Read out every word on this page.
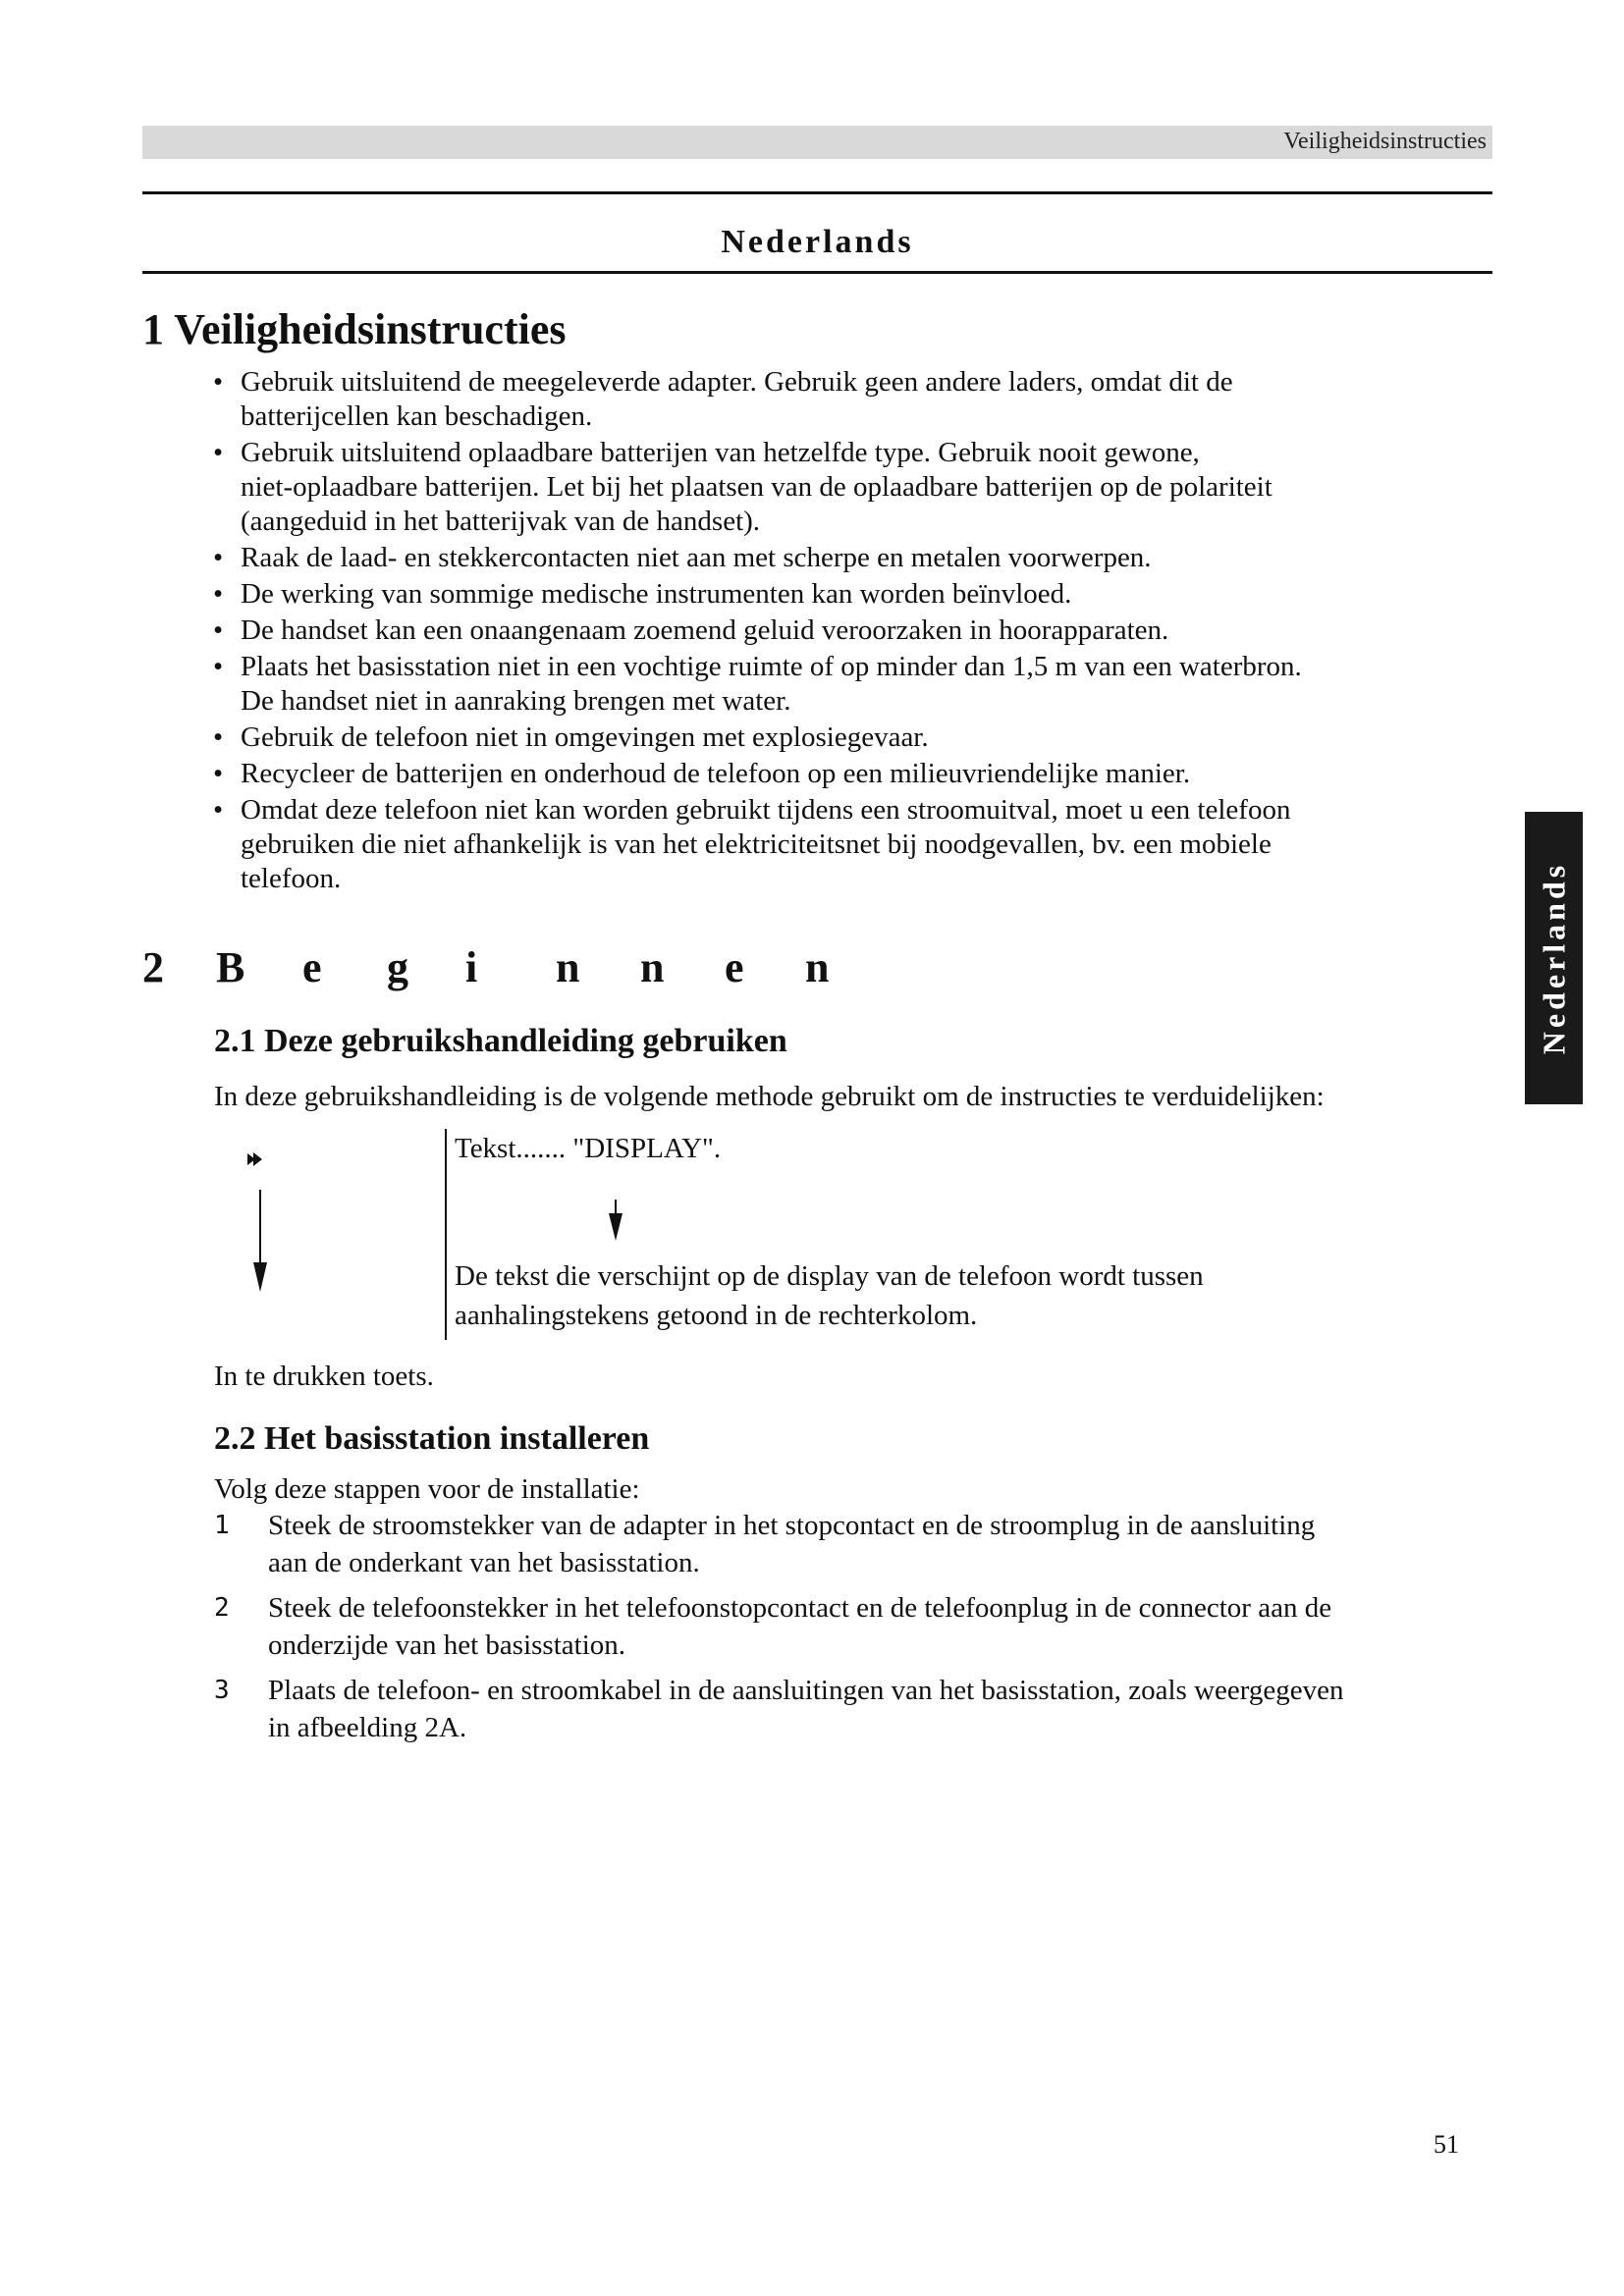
Veiligheidsinstructies
Nederlands
1 Veiligheidsinstructies
• Gebruik uitsluitend de meegeleverde adapter. Gebruik geen andere laders, omdat dit de
batterijcellen kan beschadigen.
• Gebruik uitsluitend oplaadbare batterijen van hetzelfde type. Gebruik nooit gewone,
niet-oplaadbare batterijen. Let bij het plaatsen van de oplaadbare batterijen op de polariteit
(aangeduid in het batterijvak van de handset).
• Raak de laad- en stekkercontacten niet aan met scherpe en metalen voorwerpen.
• De werking van sommige medische instrumenten kan worden beïnvloed.
• De handset kan een onaangenaam zoemend geluid veroorzaken in hoorapparaten.
• Plaats het basisstation niet in een vochtige ruimte of op minder dan 1,5 m van een waterbron.
De handset niet in aanraking brengen met water.
• Gebruik de telefoon niet in omgevingen met explosiegevaar.
• Recycleer de batterijen en onderhoud de telefoon op een milieuvriendelijke manier.
• Omdat deze telefoon niet kan worden gebruikt tijdens een stroomuitval, moet u een telefoon
gebruiken die niet afhankelijk is van het elektriciteitsnet bij noodgevallen, bv. een mobiele
telefoon.
2	B	e	g	i	n	n	e	n
2.1 Deze gebruikshandleiding gebruiken
In deze gebruikshandleiding is de volgende methode gebruikt om de instructies te verduidelijken:
Tekst....... "DISPLAY".
De tekst die verschijnt op de display van de telefoon wordt tussen
aanhalingstekens getoond in de rechterkolom.
In te drukken toets.
2.2 Het basisstation installeren
Volg deze stappen voor de installatie:
1 Steek de stroomstekker van de adapter in het stopcontact en de stroomplug in de aansluiting
aan de onderkant van het basisstation.
2 Steek de telefoonstekker in het telefoonstopcontact en de telefoonplug in de connector aan de
onderzijde van het basisstation.
3 Plaats de telefoon- en stroomkabel in de aansluitingen van het basisstation, zoals weergegeven
in afbeelding 2A.
Nederlands
51
